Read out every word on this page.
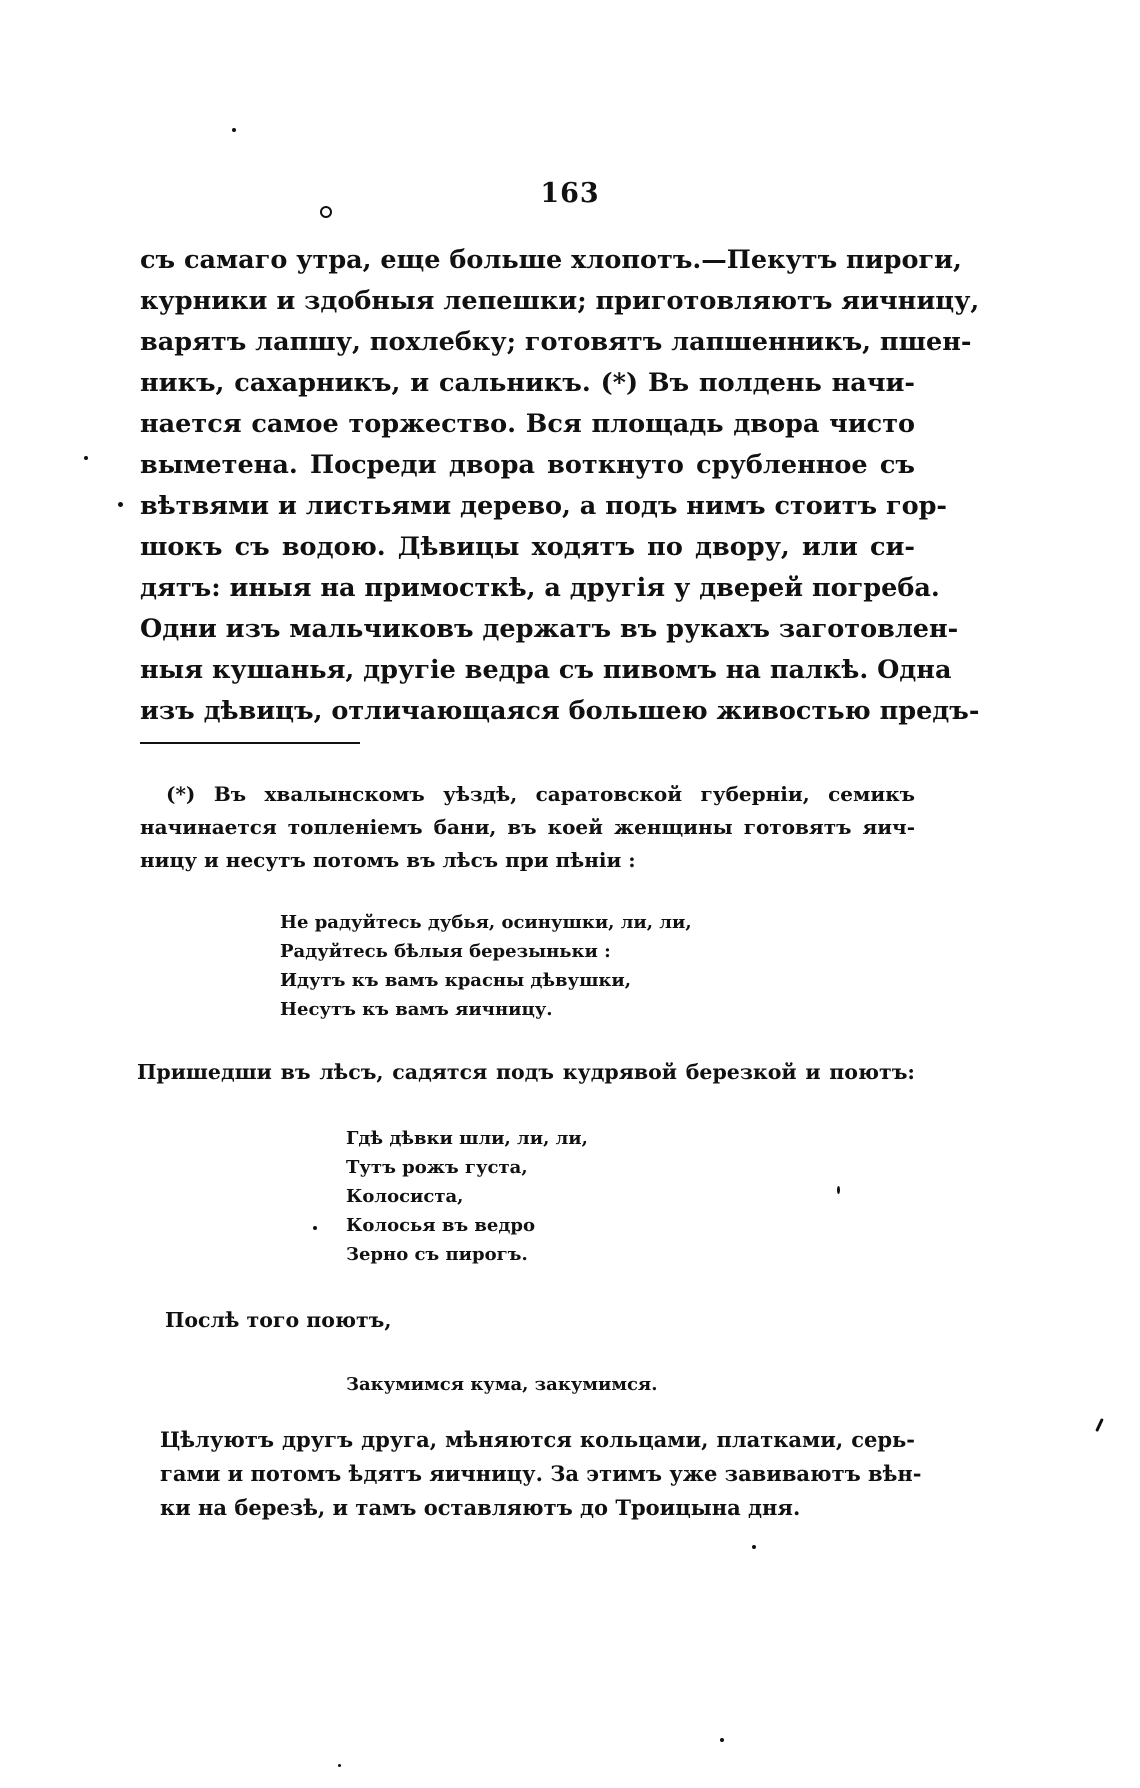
163
съ самаго утра, еще больше хлопотъ.—Пекутъ пироги,
курники и здобныя лепешки; приготовляютъ яичницу,
варятъ лапшу, похлебку; готовятъ лапшенникъ, пшен-
никъ, сахарникъ, и сальникъ. (*) Въ полдень начи-
нается самое торжество. Вся площадь двора чисто
выметена. Посреди двора воткнуто срубленное съ
вѣтвями и листьями дерево, а подъ нимъ стоитъ гор-
шокъ съ водою. Дѣвицы ходятъ по двору, или си-
дятъ: иныя на примосткѣ, а другія у дверей погреба.
Одни изъ мальчиковъ держатъ въ рукахъ заготовлен-
ныя кушанья, другіе ведра съ пивомъ на палкѣ. Одна
изъ дѣвицъ, отличающаяся большею живостью предъ-
(*) Въ хвалынскомъ уѣздѣ, саратовской губерніи, семикъ
начинается топленіемъ бани, въ коей женщины готовятъ яич-
ницу и несутъ потомъ въ лѣсъ при пѣніи :
Не радуйтесь дубья, осинушки, ли, ли,
Радуйтесь бѣлыя березыньки :
Идутъ къ вамъ красны дѣвушки,
Несутъ къ вамъ яичницу.
Пришедши въ лѣсъ, садятся подъ кудрявой березкой и поютъ:
Гдѣ дѣвки шли, ли, ли,
Тутъ рожъ густа,
Колосиста,
Колосья въ ведро
Зерно съ пирогъ.
Послѣ того поютъ,
Закумимся кума, закумимся.
Цѣлуютъ другъ друга, мѣняются кольцами, платками, серь-
гами и потомъ ѣдятъ яичницу. За этимъ уже завиваютъ вѣн-
ки на березѣ, и тамъ оставляютъ до Троицына дня.
